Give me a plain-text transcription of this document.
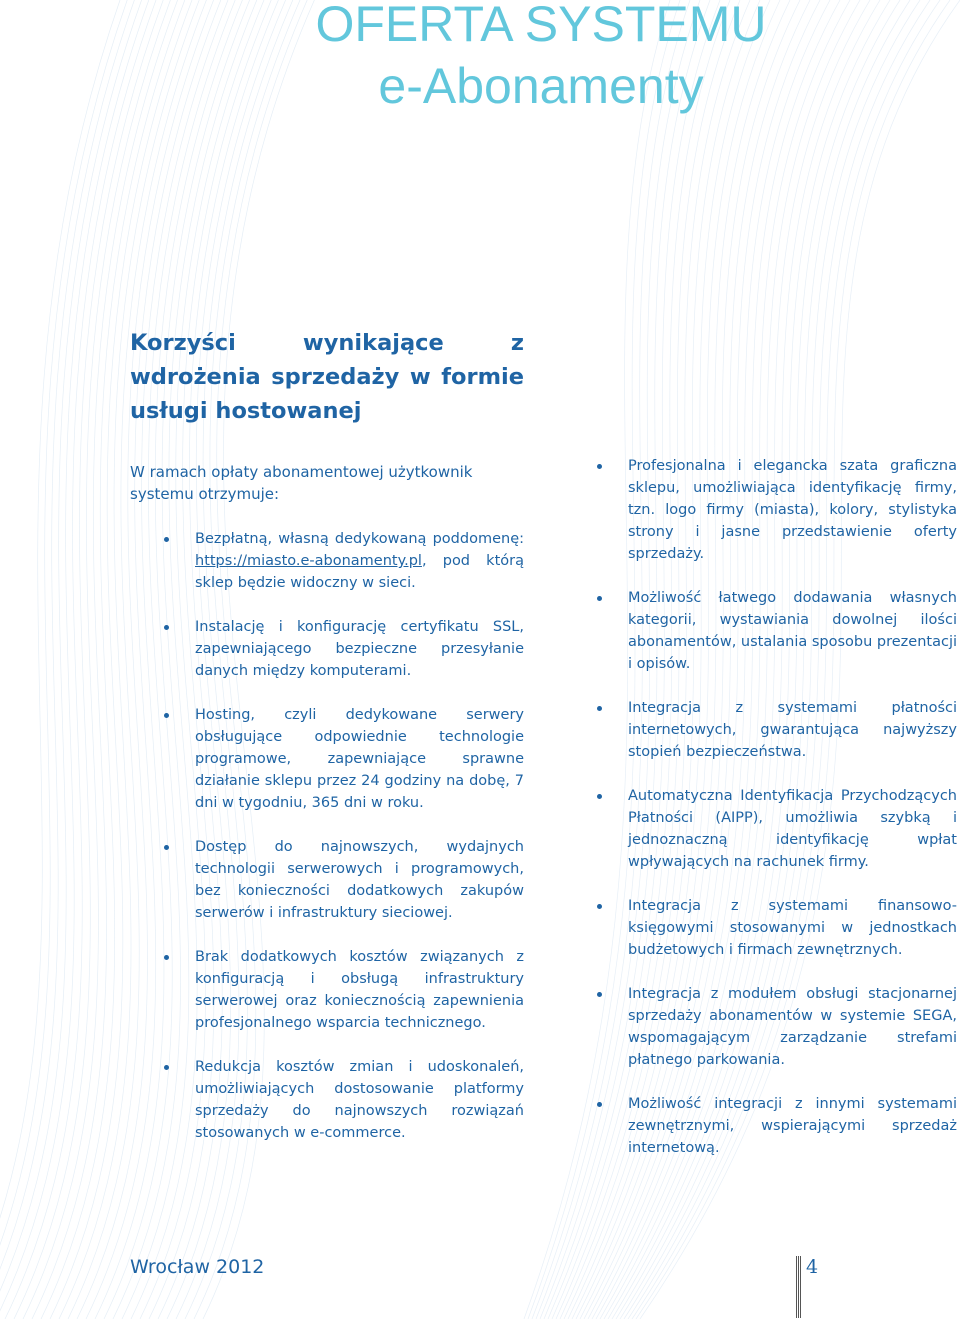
OFERTA SYSTEMU
e-Abonamenty
Korzyści wynikające z wdrożenia sprzedaży w formie usługi hostowanej

W ramach opłaty abonamentowej użytkownik systemu otrzymuje:

Bezpłatną, własną dedykowaną poddomenę: https://miasto.e-abonamenty.pl, pod którą sklep będzie widoczny w sieci.
Instalację i konfigurację certyfikatu SSL, zapewniającego bezpieczne przesyłanie danych między komputerami.
Hosting, czyli dedykowane serwery obsługujące odpowiednie technologie programowe, zapewniające sprawne działanie sklepu przez 24 godziny na dobę, 7 dni w tygodniu, 365 dni w roku.
Dostęp do najnowszych, wydajnych technologii serwerowych i programowych, bez konieczności dodatkowych zakupów serwerów i infrastruktury sieciowej.
Brak dodatkowych kosztów związanych z konfiguracją i obsługą infrastruktury serwerowej oraz koniecznością zapewnienia profesjonalnego wsparcia technicznego.
Redukcja kosztów zmian i udoskonaleń, umożliwiających dostosowanie platformy sprzedaży do najnowszych rozwiązań stosowanych w e-commerce.
Profesjonalna i elegancka szata graficzna sklepu, umożliwiająca identyfikację firmy, tzn. logo firmy (miasta), kolory, stylistyka strony i jasne przedstawienie oferty sprzedaży.
Możliwość łatwego dodawania własnych kategorii, wystawiania dowolnej ilości abonamentów, ustalania sposobu prezentacji i opisów.
Integracja z systemami płatności internetowych, gwarantująca najwyższy stopień bezpieczeństwa.
Automatyczna Identyfikacja Przychodzących Płatności (AIPP), umożliwia szybką i jednoznaczną identyfikację wpłat wpływających na rachunek firmy.
Integracja z systemami finansowo-księgowymi stosowanymi w jednostkach budżetowych i firmach zewnętrznych.
Integracja z modułem obsługi stacjonarnej sprzedaży abonamentów w systemie SEGA, wspomagającym zarządzanie strefami płatnego parkowania.
Możliwość integracji z innymi systemami zewnętrznymi, wspierającymi sprzedaż internetową.

Wrocław 2012	4
